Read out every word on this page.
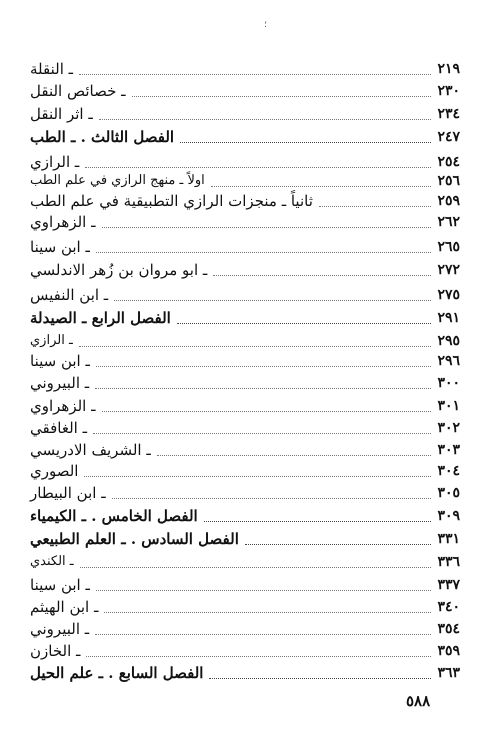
؛
ـ النقلة	٢١٩
ـ خصائص النقل	٢٣٠
ـ اثر النقل	٢٣٤
الفصل الثالث . ـ الطب	٢٤٧
ـ الرازي	٢٥٤
اولاً ـ منهج الرازي في علم الطب	٢٥٦
ثانياً ـ منجزات الرازي التطبيقية في علم الطب	٢٥٩
ـ الزهراوي	٢٦٢
ـ ابن سينا	٢٦٥
ـ ابو مروان بن زُهر الاندلسي	٢٧٢
ـ ابن النفيس	٢٧٥
الفصل الرابع ـ الصيدلة	٢٩١
ـ الرازي	٢٩٥
ـ ابن سينا	٢٩٦
ـ البيروني	٣٠٠
ـ الزهراوي	٣٠١
ـ الغافقي	٣٠٢
ـ الشريف الادريسي	٣٠٣
الصوري	٣٠٤
ـ ابن البيطار	٣٠٥
الفصل الخامس . ـ الكيمياء	٣٠٩
الفصل السادس . ـ العلم الطبيعي	٣٣١
ـ الكندي	٣٣٦
ـ ابن سينا	٣٣٧
ـ ابن الهيثم	٣٤٠
ـ البيروني	٣٥٤
ـ الخازن	٣٥٩
الفصل السابع . ـ علم الحيل	٣٦٣
٥٨٨
